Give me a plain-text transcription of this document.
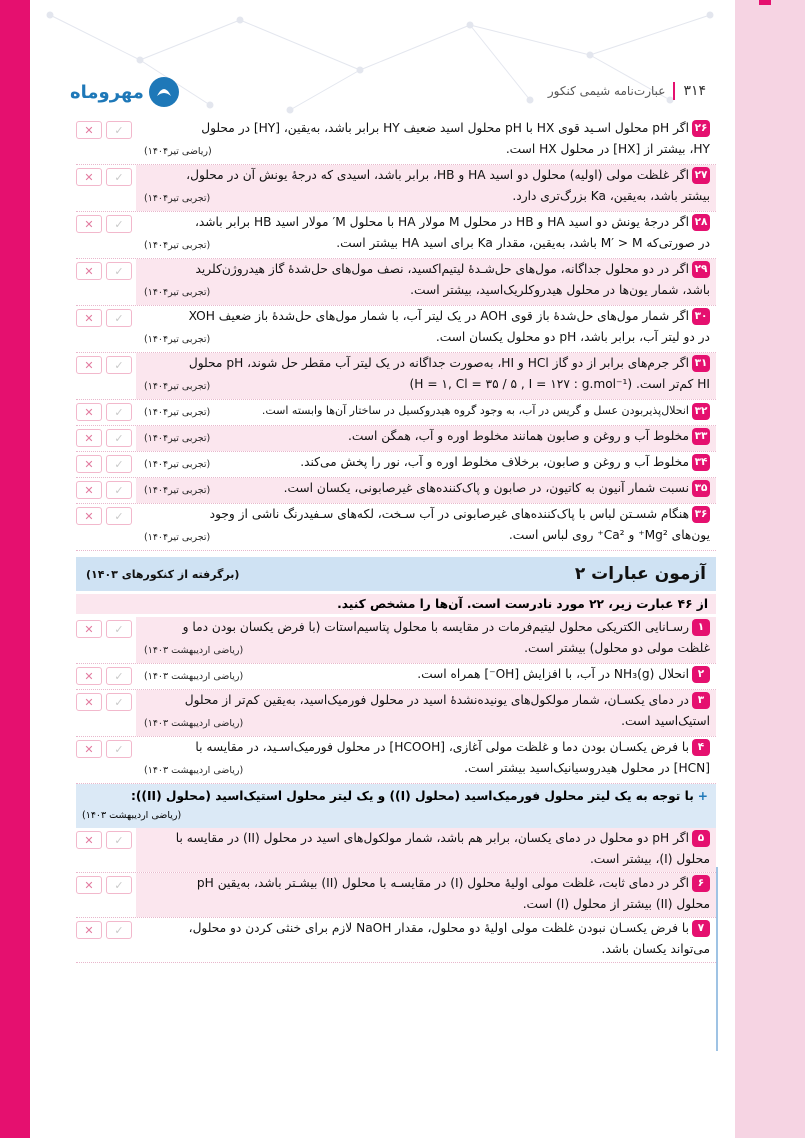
مهروماه	۳۱۴
عبارت‌نامه شیمی کنکور
✕	✓	۲۶اگر pH محلول اسـید قوی HX با pH محلول اسید ضعیف HY برابر باشد، به‌یقین، [HY] در محلول

(ریاضی تیر۱۴۰۴)	HY، بیشتر از [HX] در محلول HX است.
✕	✓	۲۷اگر غلظت مولی (اولیه) محلول دو اسید HA و HB، برابر باشد، اسیدی که درجهٔ یونش آن در محلول،

(تجربی تیر۱۴۰۴)	بیشتر باشد، به‌یقین، Ka بزرگ‌تری دارد.
✕	✓	۲۸اگر درجهٔ یونش دو اسید HA و HB در محلول M مولار HA با محلول M′ مولار اسید HB برابر باشد،

(تجربی تیر۱۴۰۴)	در صورتی‌که M′ > M باشد، به‌یقین، مقدار Ka برای اسید HA بیشتر است.
✕	✓	۲۹اگر در دو محلول جداگانه، مول‌های حل‌شـدهٔ لیتیم‌اکسید، نصف مول‌های حل‌شدهٔ گاز هیدروژن‌کلرید

(تجربی تیر۱۴۰۴)	باشد، شمار یون‌ها در محلول هیدروکلریک‌اسید، بیشتر است.
✕	✓	۳۰اگر شمار مول‌های حل‌شدهٔ باز قوی AOH در یک لیتر آب، با شمار مول‌های حل‌شدهٔ باز ضعیف XOH

(تجربی تیر۱۴۰۴)	در دو لیتر آب، برابر باشد، pH دو محلول یکسان است.
✕	✓	۳۱اگر جرم‌های برابر از دو گاز HCl و HI، به‌صورت جداگانه در یک لیتر آب مقطر حل شوند، pH محلول

(تجربی تیر۱۴۰۴)	HI کم‌تر است. (H = ۱, Cl = ۳۵ / ۵ , I = ۱۲۷ : g.mol⁻¹)
✕	✓	۳۲
(تجربی تیر۱۴۰۴)	انحلال‌پذیربودن عسل و گریس در آب، به وجود گروه هیدروکسیل در ساختار آن‌ها وابسته است.
✕	✓	۳۳
(تجربی تیر۱۴۰۴)	مخلوط آب و روغن و صابون همانند مخلوط اوره و آب، همگن است.
✕	✓	۳۴
(تجربی تیر۱۴۰۴)	مخلوط آب و روغن و صابون، برخلاف مخلوط اوره و آب، نور را پخش می‌کند.
✕	✓	۳۵
(تجربی تیر۱۴۰۴)	نسبت شمار آنیون به کاتیون، در صابون و پاک‌کننده‌های غیرصابونی، یکسان است.
✕	✓	۳۶هنگام شسـتن لباس با پاک‌کننده‌های غیرصابونی در آب سـخت، لکه‌های سـفیدرنگ ناشی از وجود

(تجربی تیر۱۴۰۴)	یون‌های Mg²⁺ و Ca²⁺ روی لباس است.
(برگرفته از کنکورهای ۱۴۰۳)	آزمون عبارات ۲
از ۴۶ عبارت زیر، ۲۲ مورد نادرست است. آن‌ها را مشخص کنید.
✕	✓	۱رسـانایی الکتریکی محلول لیتیم‌فرمات در مقایسه با محلول پتاسیم‌استات (با فرض یکسان بودن دما و

(ریاضی اردیبهشت ۱۴۰۳)	غلظت مولی دو محلول) بیشتر است.
✕	✓	۲
(ریاضی اردیبهشت ۱۴۰۳)	انحلال NH₃(g) در آب، با افزایش [OH⁻] همراه است.
✕	✓	۳در دمای یکسـان، شمار مولکول‌های یونیده‌نشدهٔ اسید در محلول فورمیک‌اسید، به‌یقین کم‌تر از محلول

(ریاضی اردیبهشت ۱۴۰۳)	استیک‌اسید است.
✕	✓	۴با فرض یکسـان بودن دما و غلظت مولی آغازی، [HCOOH] در محلول فورمیک‌اسـید، در مقایسه با

(ریاضی اردیبهشت ۱۴۰۳)	[HCN] در محلول هیدروسیانیک‌اسید بیشتر است.
+با توجه به یک لیتر محلول فورمیک‌اسید (محلول (I)) و یک لیتر محلول استیک‌اسید (محلول (II)):
(ریاضی اردیبهشت ۱۴۰۳)
✕	✓	۵اگر pH دو محلول در دمای یکسان، برابر هم باشد، شمار مولکول‌های اسید در محلول (II) در مقایسه با
محلول (I)، بیشتر است.
✕	✓	۶اگر در دمای ثابت، غلظت مولی اولیهٔ محلول (I) در مقایسـه با محلول (II) بیشـتر باشد، به‌یقین pH
محلول (II) بیشتر از محلول (I) است.
✕	✓	۷با فرض یکسـان نبودن غلظت مولی اولیهٔ دو محلول، مقدار NaOH لازم برای خنثی کردن دو محلول،
می‌تواند یکسان باشد.
